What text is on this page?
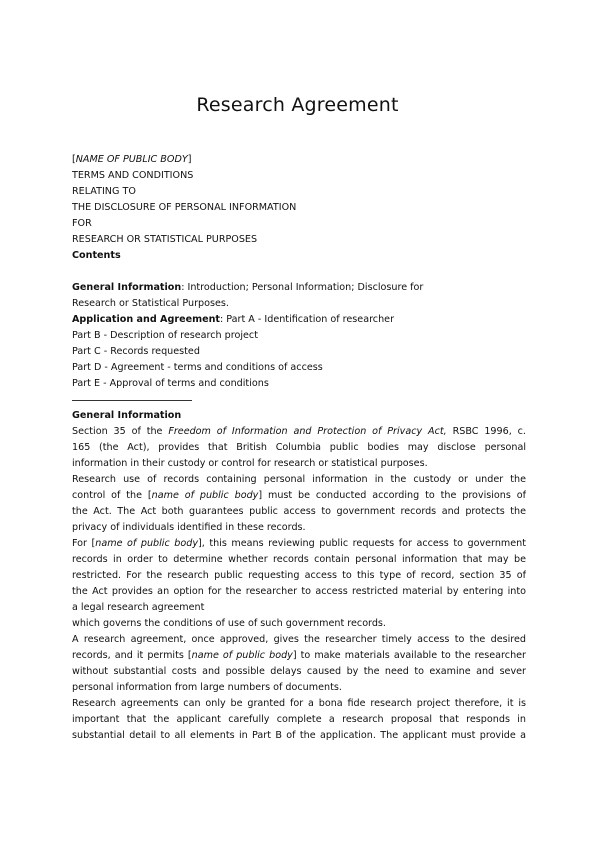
Research Agreement
[NAME OF PUBLIC BODY]
TERMS AND CONDITIONS
RELATING TO
THE DISCLOSURE OF PERSONAL INFORMATION
FOR
RESEARCH OR STATISTICAL PURPOSES
Contents
General Information: Introduction; Personal Information; Disclosure for
Research or Statistical Purposes.
Application and Agreement: Part A - Identification of researcher
Part B - Description of research project
Part C - Records requested
Part D - Agreement - terms and conditions of access
Part E - Approval of terms and conditions
General Information
Section 35 of the Freedom of Information and Protection of Privacy Act, RSBC 1996, c.
165 (the Act), provides that British Columbia public bodies may disclose personal
information in their custody or control for research or statistical purposes.
Research use of records containing personal information in the custody or under the
control of the [name of public body] must be conducted according to the provisions of
the Act. The Act both guarantees public access to government records and protects the
privacy of individuals identified in these records.
For [name of public body], this means reviewing public requests for access to government
records in order to determine whether records contain personal information that may be
restricted. For the research public requesting access to this type of record, section 35 of
the Act provides an option for the researcher to access restricted material by entering into
a legal research agreement
which governs the conditions of use of such government records.
A research agreement, once approved, gives the researcher timely access to the desired
records, and it permits [name of public body] to make materials available to the researcher
without substantial costs and possible delays caused by the need to examine and sever
personal information from large numbers of documents.
Research agreements can only be granted for a bona fide research project therefore, it is
important that the applicant carefully complete a research proposal that responds in
substantial detail to all elements in Part B of the application. The applicant must provide a
